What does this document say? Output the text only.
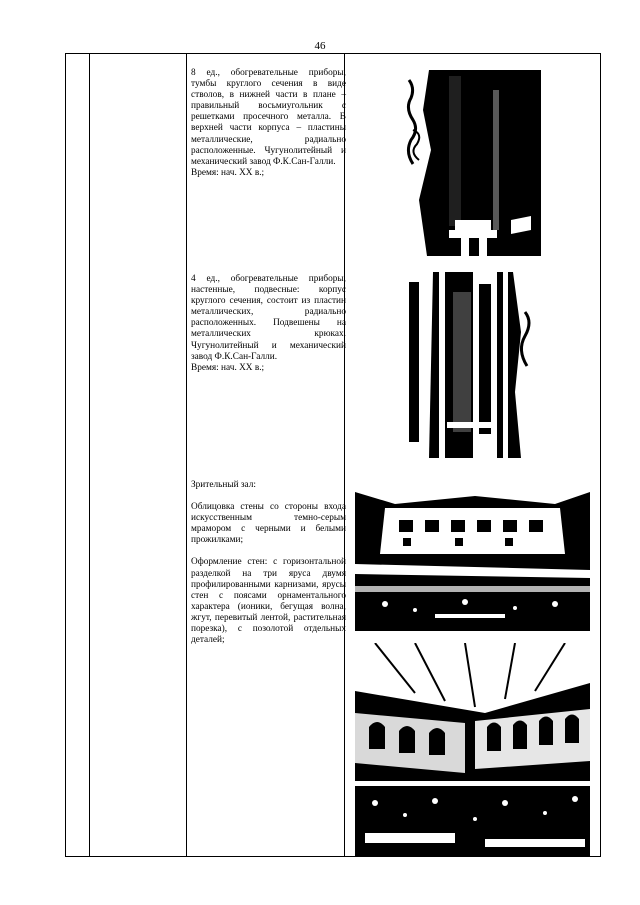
46

8 ед., обогревательные приборы, тумбы круглого сечения в виде стволов, в нижней части в плане – правильный восьмиугольник с решетками просечного металла. В верхней части корпуса – пластины металлические, радиально расположенные. Чугунолитейный и механический завод Ф.К.Сан-Галли.

Время: нач. XX в.;

4 ед., обогревательные приборы, настенные, подвесные: корпус круглого сечения, состоит из пластин металлических, радиально расположенных. Подвешены на металлических крюках. Чугунолитейный и механический завод Ф.К.Сан-Галли.

Время: нач. XX в.;

Зрительный зал:

Облицовка стены со стороны входа искусственным темно-серым мрамором с черными и белыми прожилками;

Оформление стен: с горизонтальной разделкой на три яруса двумя профилированными карнизами, ярусы стен с поясами орнаментального характера (ионики, бегущая волна, жгут, перевитый лентой, растительная порезка), с позолотой отдельных деталей;
